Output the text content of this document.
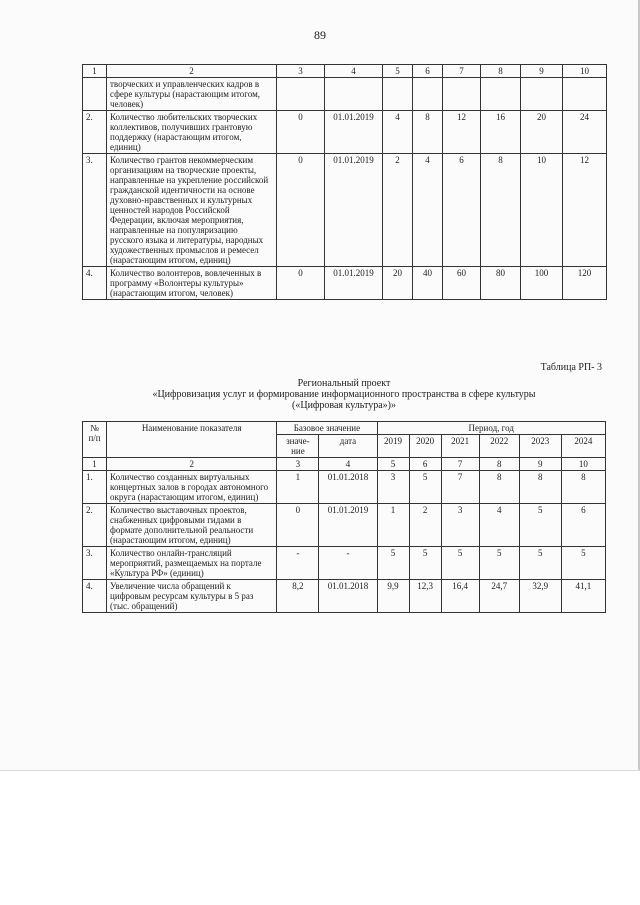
89
1	2	3	4	5	6	7	8	9	10
	творческих и управленческих кадров в сфере культуры (нарастающим итогом, человек)								
2.	Количество любительских творческих коллективов, получивших грантовую поддержку (нарастающим итогом, единиц)	0	01.01.2019	4	8	12	16	20	24
3.	Количество грантов некоммерческим организациям на творческие проекты, направленные на укрепление российской гражданской идентичности на основе духовно-нравственных и культурных ценностей народов Российской Федерации, включая мероприятия, направленные на популяризацию русского языка и литературы, народных художественных промыслов и ремесел (нарастающим итогом, единиц)	0	01.01.2019	2	4	6	8	10	12
4.	Количество волонтеров, вовлеченных в программу «Волонтеры культуры» (нарастающим итогом, человек)	0	01.01.2019	20	40	60	80	100	120
Таблица РП- 3
Региональный проект
«Цифровизация услуг и формирование информационного пространства в сфере культуры
(«Цифровая культура»)»
№ п/п	Наименование показателя	Базовое значение		Период, год					
		значе-ние	дата	2019	2020	2021	2022	2023	2024
1	2	3	4	5	6	7	8	9	10
1.	Количество созданных виртуальных концертных залов в городах автономного округа (нарастающим итогом, единиц)	1	01.01.2018	3	5	7	8	8	8
2.	Количество выставочных проектов, снабженных цифровыми гидами в формате дополнительной реальности (нарастающим итогом, единиц)	0	01.01.2019	1	2	3	4	5	6
3.	Количество онлайн-трансляций мероприятий, размещаемых на портале «Культура РФ» (единиц)	-	-	5	5	5	5	5	5
4.	Увеличение числа обращений к цифровым ресурсам культуры в 5 раз (тыс. обращений)	8,2	01.01.2018	9,9	12,3	16,4	24,7	32,9	41,1
